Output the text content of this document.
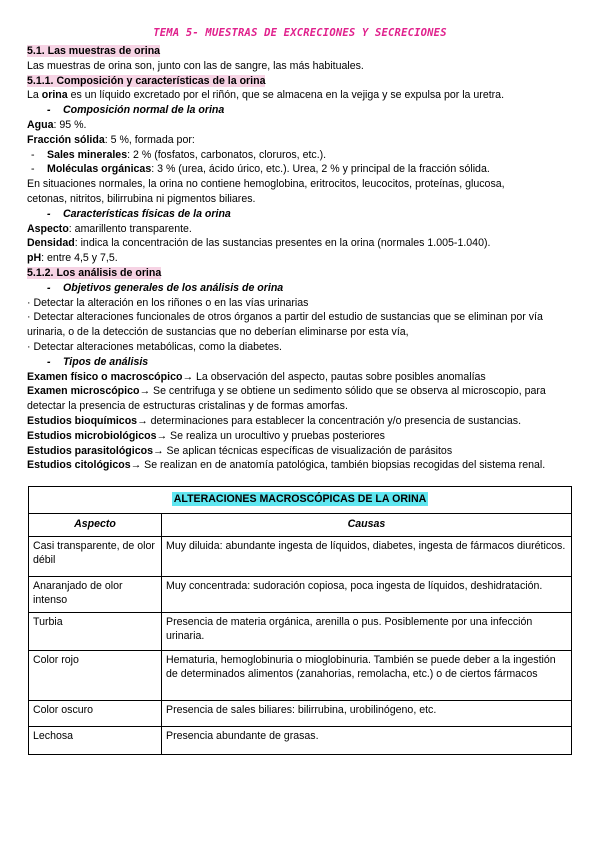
TEMA 5- MUESTRAS DE EXCRECIONES Y SECRECIONES
5.1. Las muestras de orina
Las muestras de orina son, junto con las de sangre, las más habituales.
5.1.1. Composición y características de la orina
La orina es un líquido excretado por el riñón, que se almacena en la vejiga y se expulsa por la uretra.
- Composición normal de la orina
Agua: 95 %.
Fracción sólida: 5 %, formada por:
- Sales minerales: 2 % (fosfatos, carbonatos, cloruros, etc.).
- Moléculas orgánicas: 3 % (urea, ácido úrico, etc.). Urea, 2 % y principal de la fracción sólida.
En situaciones normales, la orina no contiene hemoglobina, eritrocitos, leucocitos, proteínas, glucosa,
cetonas, nitritos, bilirrubina ni pigmentos biliares.
- Características físicas de la orina
Aspecto: amarillento transparente.
Densidad: indica la concentración de las sustancias presentes en la orina (normales 1.005-1.040).
pH: entre 4,5 y 7,5.
5.1.2. Los análisis de orina
- Objetivos generales de los análisis de orina
· Detectar la alteración en los riñones o en las vías urinarias
· Detectar alteraciones funcionales de otros órganos a partir del estudio de sustancias que se eliminan por vía
urinaria, o de la detección de sustancias que no deberían eliminarse por esta vía,
· Detectar alteraciones metabólicas, como la diabetes.
- Tipos de análisis
Examen físico o macroscópico→ La observación del aspecto, pautas sobre posibles anomalías
Examen microscópico→ Se centrifuga y se obtiene un sedimento sólido que se observa al microscopio, para
detectar la presencia de estructuras cristalinas y de formas amorfas.
Estudios bioquímicos→ determinaciones para establecer la concentración y/o presencia de sustancias.
Estudios microbiológicos→ Se realiza un urocultivo y pruebas posteriores
Estudios parasitológicos→ Se aplican técnicas específicas de visualización de parásitos
Estudios citológicos→ Se realizan en de anatomía patológica, también biopsias recogidas del sistema renal.
ALTERACIONES MACROSCÓPICAS DE LA ORINA	
Aspecto	Causas
Casi transparente, de olor débil	Muy diluida: abundante ingesta de líquidos, diabetes, ingesta de fármacos diuréticos.
Anaranjado de olor intenso	Muy concentrada: sudoración copiosa, poca ingesta de líquidos, deshidratación.
Turbia	Presencia de materia orgánica, arenilla o pus. Posiblemente por una infección urinaria.
Color rojo	Hematuria, hemoglobinuria o mioglobinuria. También se puede deber a la ingestión de determinados alimentos (zanahorias, remolacha, etc.) o de ciertos fármacos
Color oscuro	Presencia de sales biliares: bilirrubina, urobilinógeno, etc.
Lechosa	Presencia abundante de grasas.
